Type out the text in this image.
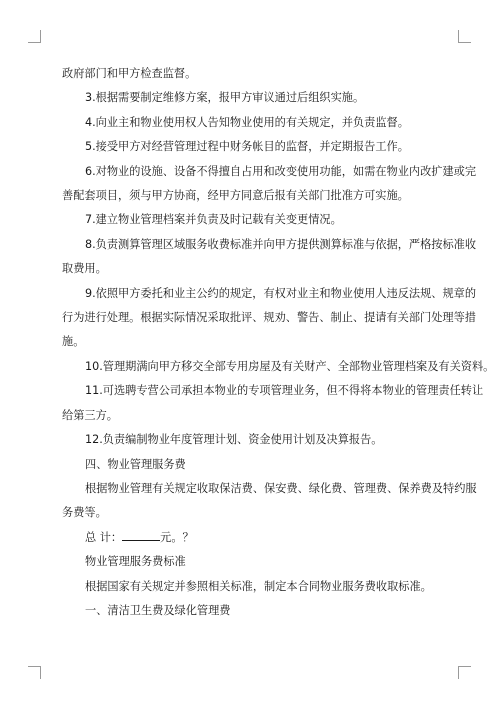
政府部门和甲方检查监督。

3.根据需要制定维修方案，报甲方审议通过后组织实施。

4.向业主和物业使用权人告知物业使用的有关规定，并负责监督。

5.接受甲方对经营管理过程中财务帐目的监督，并定期报告工作。

6.对物业的设施、设备不得擅自占用和改变使用功能，如需在物业内改扩建或完
善配套项目，须与甲方协商，经甲方同意后报有关部门批准方可实施。

7.建立物业管理档案并负责及时记载有关变更情况。

8.负责测算管理区域服务收费标准并向甲方提供测算标准与依据，严格按标准收
取费用。

9.依照甲方委托和业主公约的规定，有权对业主和物业使用人违反法规、规章的
行为进行处理。根据实际情况采取批评、规劝、警告、制止、提请有关部门处理等措
施。

10.管理期满向甲方移交全部专用房屋及有关财产、全部物业管理档案及有关资料。

11.可选聘专营公司承担本物业的专项管理业务，但不得将本物业的管理责任转让
给第三方。

12.负责编制物业年度管理计划、资金使用计划及决算报告。

四、物业管理服务费

根据物业管理有关规定收取保洁费、保安费、绿化费、管理费、保养费及特约服
务费等。

总 计：	元。？

物业管理服务费标准

根据国家有关规定并参照相关标准，制定本合同物业服务费收取标准。

一、清洁卫生费及绿化管理费
